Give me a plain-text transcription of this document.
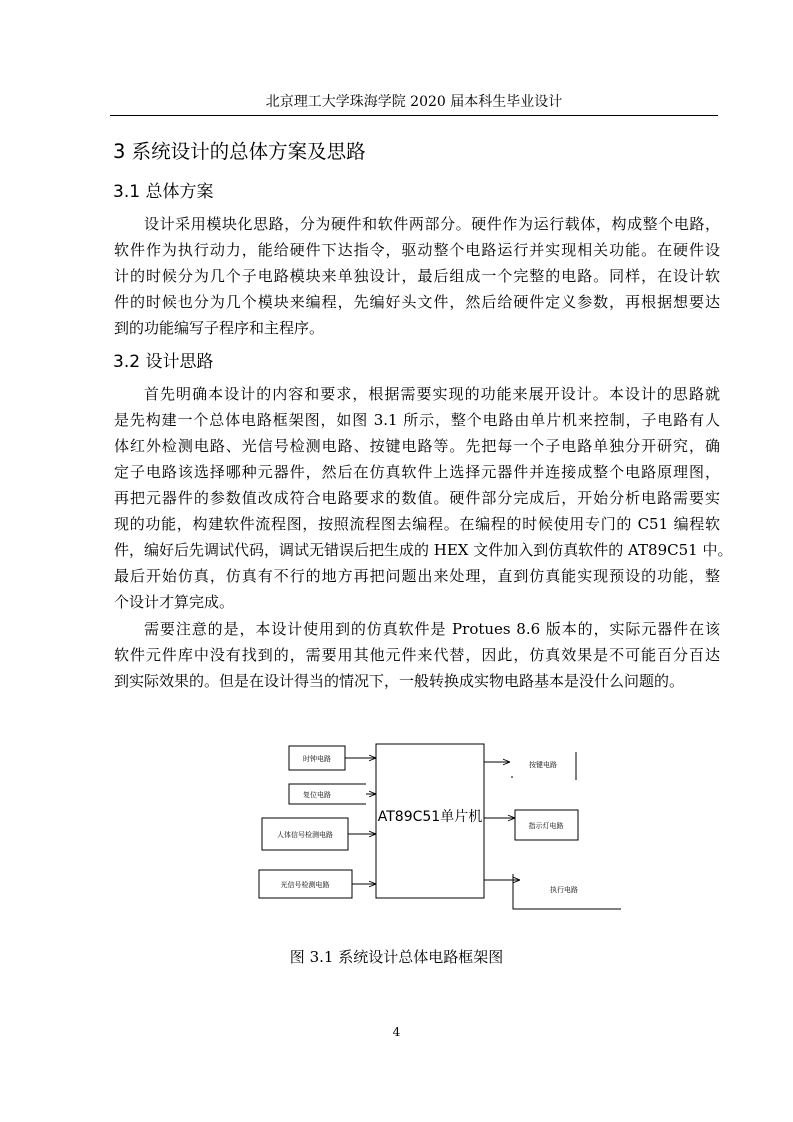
北京理工大学珠海学院 2020 届本科生毕业设计
3 系统设计的总体方案及思路
3.1 总体方案
设计采用模块化思路，分为硬件和软件两部分。硬件作为运行载体，构成整个电路，
软件作为执行动力，能给硬件下达指令，驱动整个电路运行并实现相关功能。在硬件设
计的时候分为几个子电路模块来单独设计，最后组成一个完整的电路。同样，在设计软
件的时候也分为几个模块来编程，先编好头文件，然后给硬件定义参数，再根据想要达
到的功能编写子程序和主程序。
3.2 设计思路
首先明确本设计的内容和要求，根据需要实现的功能来展开设计。本设计的思路就
是先构建一个总体电路框架图，如图 3.1 所示，整个电路由单片机来控制，子电路有人
体红外检测电路、光信号检测电路、按键电路等。先把每一个子电路单独分开研究，确
定子电路该选择哪种元器件，然后在仿真软件上选择元器件并连接成整个电路原理图，
再把元器件的参数值改成符合电路要求的数值。硬件部分完成后，开始分析电路需要实
现的功能，构建软件流程图，按照流程图去编程。在编程的时候使用专门的 C51 编程软
件，编好后先调试代码，调试无错误后把生成的 HEX 文件加入到仿真软件的 AT89C51 中。
最后开始仿真，仿真有不行的地方再把问题出来处理，直到仿真能实现预设的功能，整
个设计才算完成。
需要注意的是，本设计使用到的仿真软件是 Protues 8.6 版本的，实际元器件在该
软件元件库中没有找到的，需要用其他元件来代替，因此，仿真效果是不可能百分百达
到实际效果的。但是在设计得当的情况下，一般转换成实物电路基本是没什么问题的。
AT89C51单片机
时钟电路
复位电路
人体信号检测电路
光信号检测电路
按键电路
指示灯电路
执行电路
图 3.1 系统设计总体电路框架图
4
